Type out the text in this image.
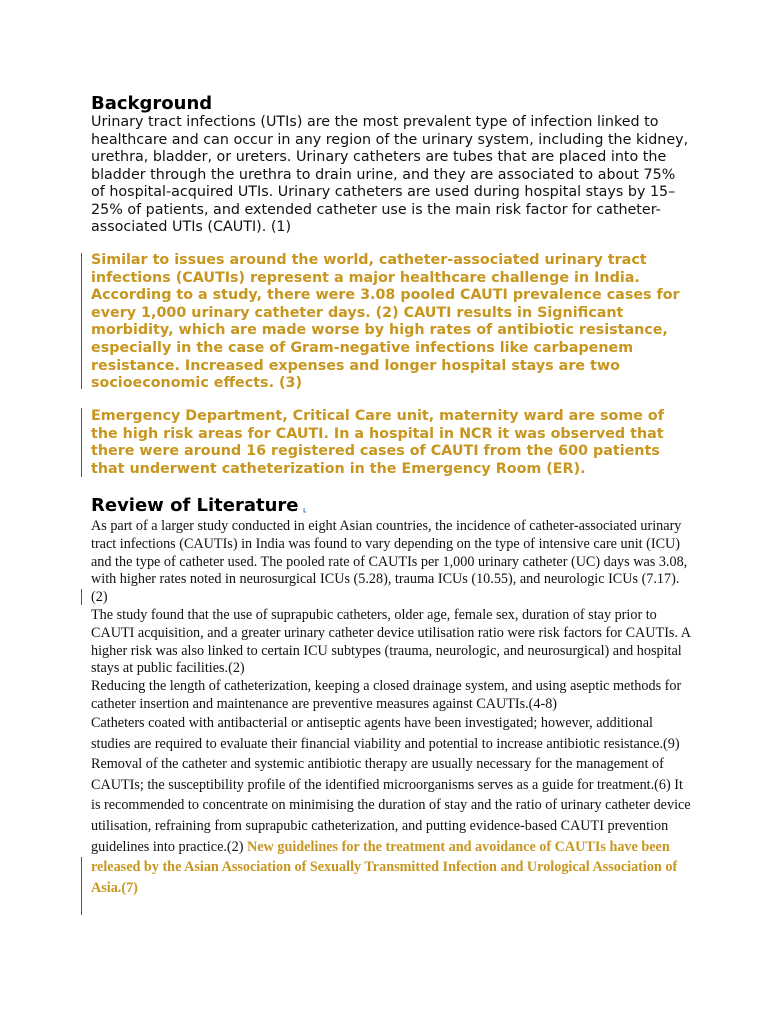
Background

Urinary tract infections (UTIs) are the most prevalent type of infection linked to healthcare and can occur in any region of the urinary system, including the kidney, urethra, bladder, or ureters. Urinary catheters are tubes that are placed into the bladder through the urethra to drain urine, and they are associated to about 75% of hospital-acquired UTIs. Urinary catheters are used during hospital stays by 15–25% of patients, and extended catheter use is the main risk factor for catheter-associated UTIs (CAUTI). (1)

Similar to issues around the world, catheter-associated urinary tract infections (CAUTIs) represent a major healthcare challenge in India. According to a study, there were 3.08 pooled CAUTI prevalence cases for every 1,000 urinary catheter days. (2) CAUTI results in Significant morbidity, which are made worse by high rates of antibiotic resistance, especially in the case of Gram-negative infections like carbapenem resistance. Increased expenses and longer hospital stays are two socioeconomic effects. (3)

Emergency Department, Critical Care unit, maternity ward are some of the high risk areas for CAUTI. In a hospital in NCR it was observed that there were around 16 registered cases of CAUTI from the 600 patients that underwent catheterization in the Emergency Room (ER).

Review of Literature ⸤

As part of a larger study conducted in eight Asian countries, the incidence of catheter-associated urinary tract infections (CAUTIs) in India was found to vary depending on the type of intensive care unit (ICU) and the type of catheter used. The pooled rate of CAUTIs per 1,000 urinary catheter (UC) days was 3.08, with higher rates noted in neurosurgical ICUs (5.28), trauma ICUs (10.55), and neurologic ICUs (7.17). (2)

The study found that the use of suprapubic catheters, older age, female sex, duration of stay prior to CAUTI acquisition, and a greater urinary catheter device utilisation ratio were risk factors for CAUTIs. A higher risk was also linked to certain ICU subtypes (trauma, neurologic, and neurosurgical) and hospital stays at public facilities.(2)

Reducing the length of catheterization, keeping a closed drainage system, and using aseptic methods for catheter insertion and maintenance are preventive measures against CAUTIs.(4-8)

Catheters coated with antibacterial or antiseptic agents have been investigated; however, additional studies are required to evaluate their financial viability and potential to increase antibiotic resistance.(9) Removal of the catheter and systemic antibiotic therapy are usually necessary for the management of CAUTIs; the susceptibility profile of the identified microorganisms serves as a guide for treatment.(6) It is recommended to concentrate on minimising the duration of stay and the ratio of urinary catheter device utilisation, refraining from suprapubic catheterization, and putting evidence-based CAUTI prevention guidelines into practice.(2) New guidelines for the treatment and avoidance of CAUTIs have been released by the Asian Association of Sexually Transmitted Infection and Urological Association of Asia.(7)
